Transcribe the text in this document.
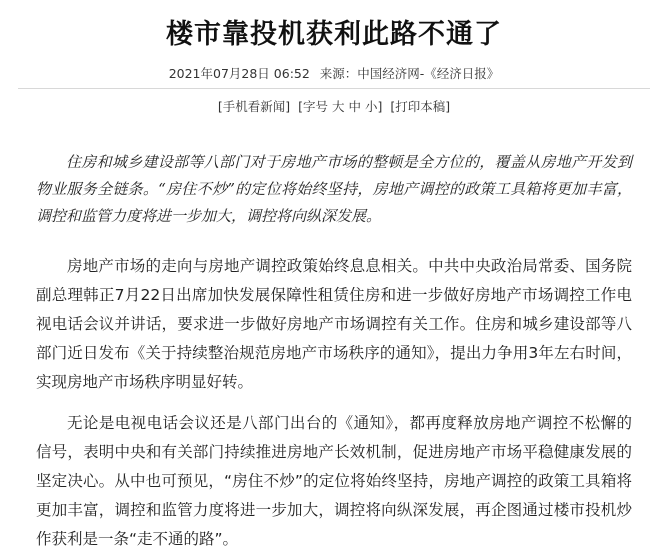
楼市靠投机获利此路不通了
2021年07月28日 06:52 来源：中国经济网-《经济日报》
[手机看新闻] [字号 大 中 小] [打印本稿]

住房和城乡建设部等八部门对于房地产市场的整顿是全方位的，覆盖从房地产开发到物业服务全链条。“房住不炒”的定位将始终坚持，房地产调控的政策工具箱将更加丰富，调控和监管力度将进一步加大，调控将向纵深发展。

房地产市场的走向与房地产调控政策始终息息相关。中共中央政治局常委、国务院副总理韩正7月22日出席加快发展保障性租赁住房和进一步做好房地产市场调控工作电视电话会议并讲话，要求进一步做好房地产市场调控有关工作。住房和城乡建设部等八部门近日发布《关于持续整治规范房地产市场秩序的通知》，提出力争用3年左右时间，实现房地产市场秩序明显好转。

无论是电视电话会议还是八部门出台的《通知》，都再度释放房地产调控不松懈的信号，表明中央和有关部门持续推进房地产长效机制，促进房地产市场平稳健康发展的坚定决心。从中也可预见，“房住不炒”的定位将始终坚持，房地产调控的政策工具箱将更加丰富，调控和监管力度将进一步加大，调控将向纵深发展，再企图通过楼市投机炒作获利是一条“走不通的路”。
